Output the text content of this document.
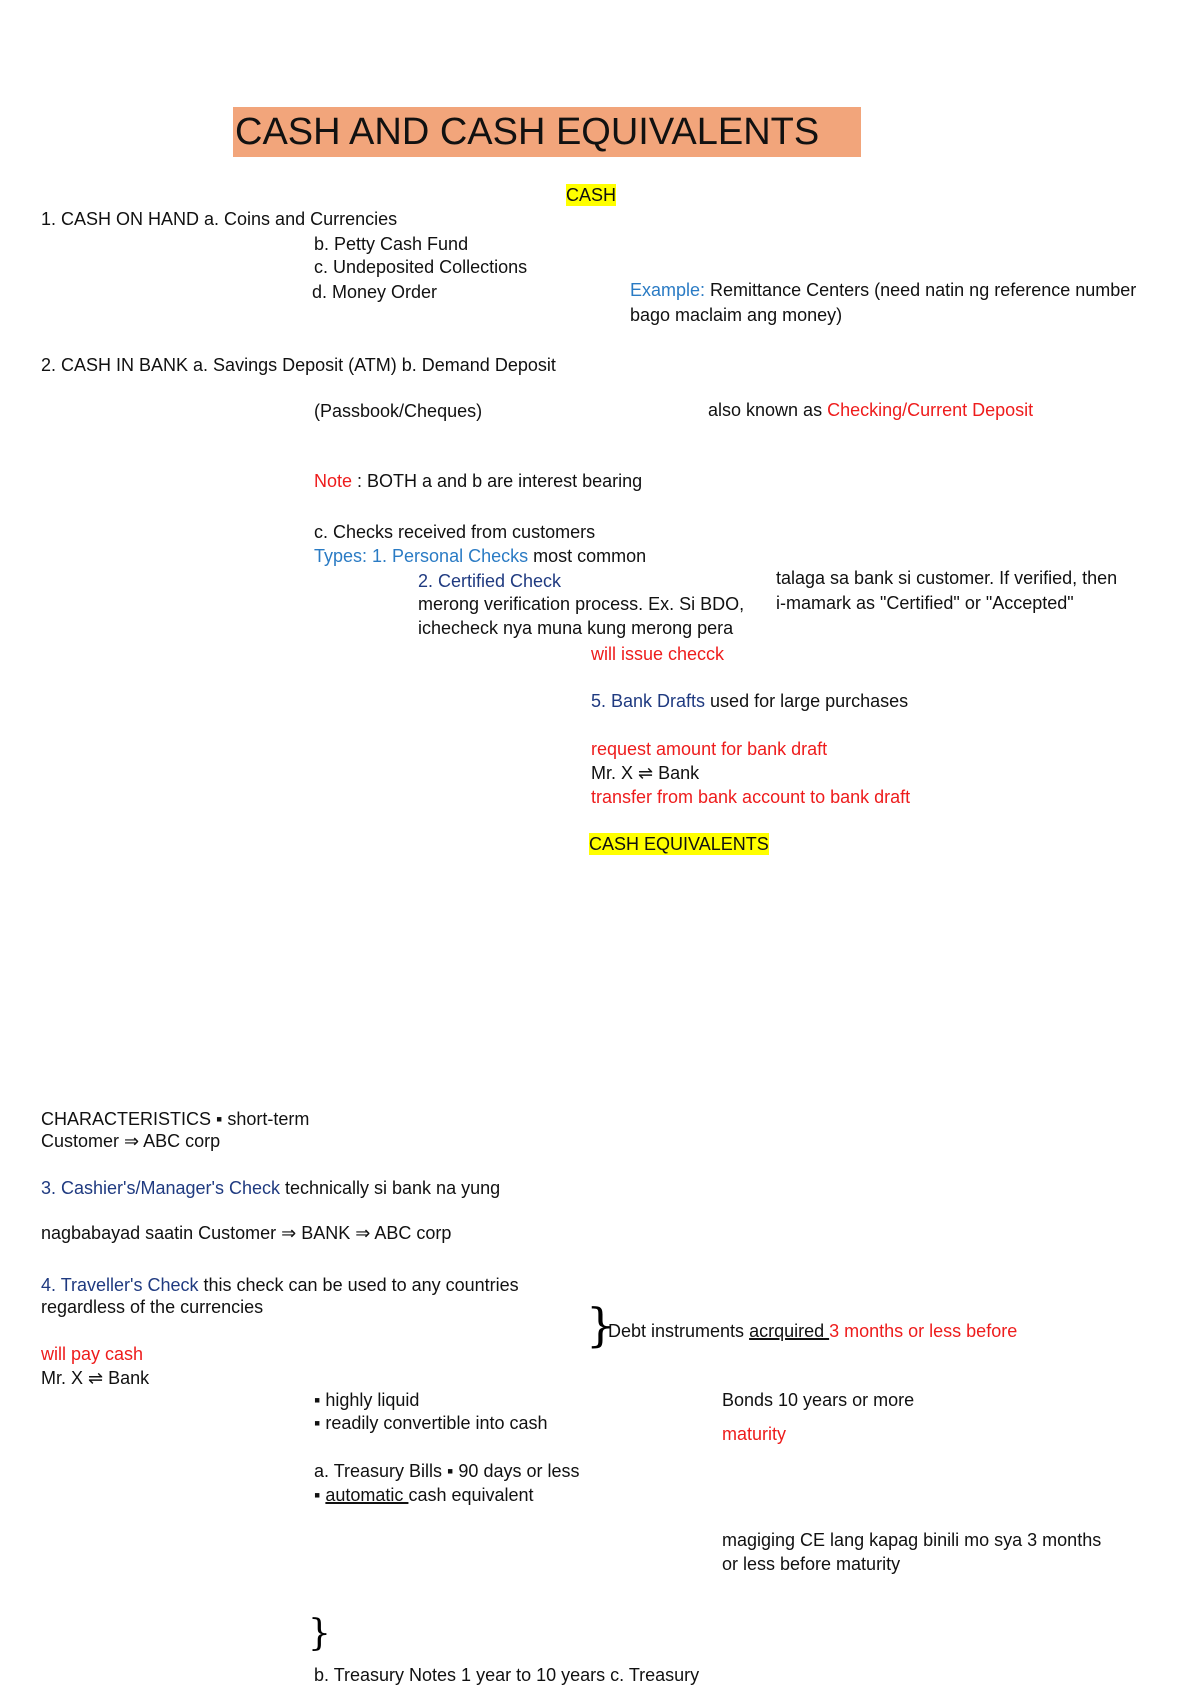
CASH AND CASH EQUIVALENTS
CASH
1. CASH ON HAND a. Coins and Currencies
b. Petty Cash Fund
c. Undeposited Collections
d. Money Order	Example: Remittance Centers (need natin ng reference number
bago maclaim ang money)
2. CASH IN BANK a. Savings Deposit (ATM) b. Demand Deposit
(Passbook/Cheques)	also known as Checking/Current Deposit
Note : BOTH a and b are interest bearing
c. Checks received from customers
Types: 1. Personal Checks most common
2. Certified Check
merong verification process. Ex. Si BDO,
ichecheck nya muna kung merong pera
talaga sa bank si customer. If verified, then
i-mamark as "Certified" or "Accepted"
will issue checck
5. Bank Drafts used for large purchases
request amount for bank draft
Mr. X ⇌ Bank
transfer from bank account to bank draft
CASH EQUIVALENTS
CHARACTERISTICS ▪ short-term
Customer ⇒ ABC corp
3. Cashier's/Manager's Check technically si bank na yung
nagbabayad saatin Customer ⇒ BANK ⇒ ABC corp
4. Traveller's Check this check can be used to any countries
regardless of the currencies	}
Debt instruments acrquired 3 months or less before
will pay cash
Mr. X ⇌ Bank
▪ highly liquid
▪ readily convertible into cash
Bonds 10 years or more
maturity
a. Treasury Bills ▪ 90 days or less
▪ automatic cash equivalent
magiging CE lang kapag binili mo sya 3 months
or less before maturity
}
b. Treasury Notes 1 year to 10 years c. Treasury
